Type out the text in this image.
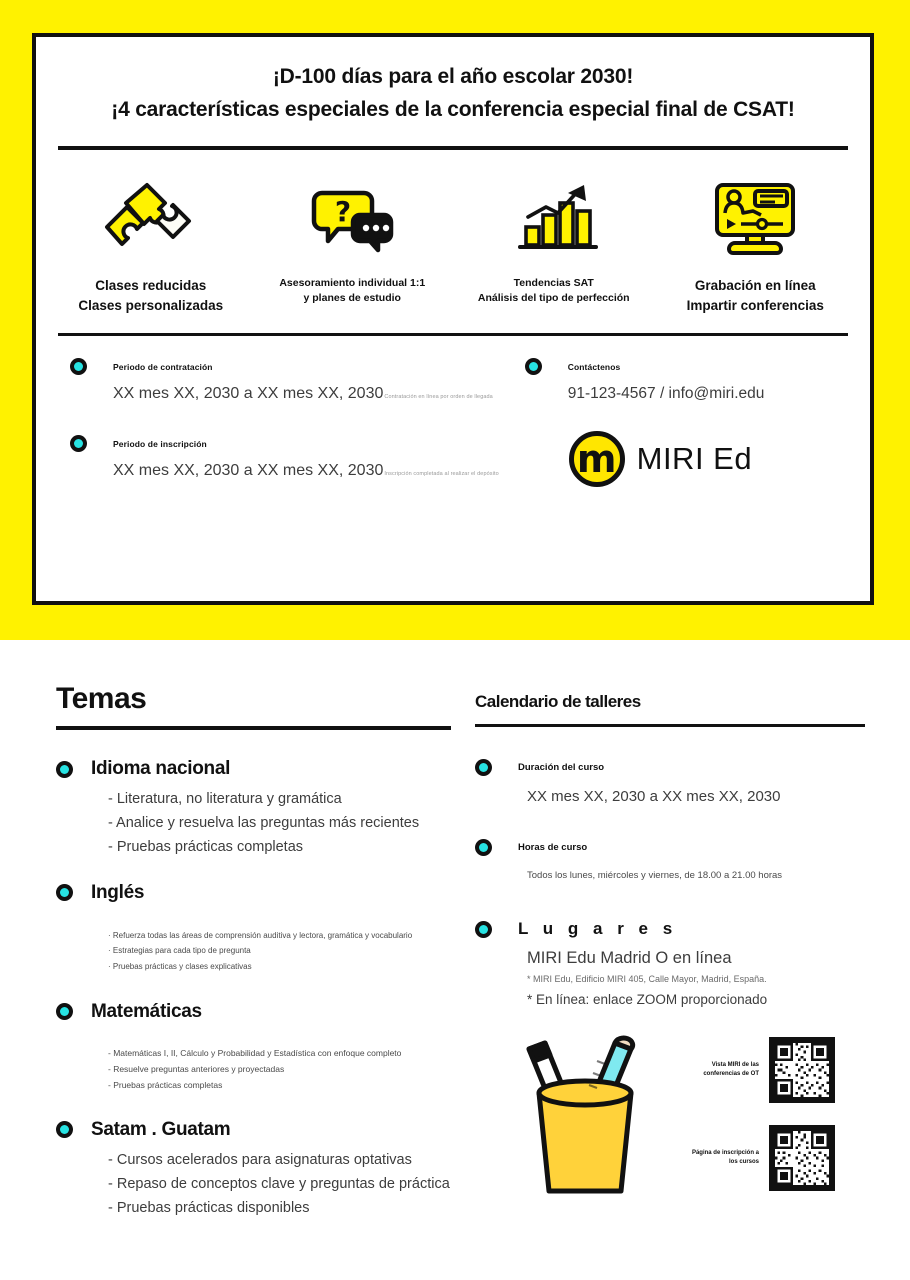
¡D-100 días para el año escolar 2030!
¡4 características especiales de la conferencia especial final de CSAT!
Clases reducidas
Clases personalizadas
?
Asesoramiento individual 1:1
y planes de estudio
Tendencias SAT
Análisis del tipo de perfección
Grabación en línea
Impartir conferencias
Periodo de contratación
XX mes XX, 2030 a XX mes XX, 2030Contratación en línea por orden de llegada
Periodo de inscripción
XX mes XX, 2030 a XX mes XX, 2030Inscripción completada al realizar el depósito
Contáctenos
91-123-4567 / info@miri.edu
m MIRI Ed
Temas
Idioma nacional
- Literatura, no literatura y gramática
- Analice y resuelva las preguntas más recientes
- Pruebas prácticas completas
Inglés
· Refuerza todas las áreas de comprensión auditiva y lectora, gramática y vocabulario
· Estrategias para cada tipo de pregunta
· Pruebas prácticas y clases explicativas
Matemáticas
- Matemáticas I, II, Cálculo y Probabilidad y Estadística con enfoque completo
- Resuelve preguntas anteriores y proyectadas
- Pruebas prácticas completas
Satam . Guatam
- Cursos acelerados para asignaturas optativas
- Repaso de conceptos clave y preguntas de práctica
- Pruebas prácticas disponibles
Calendario de talleres
Duración del curso
XX mes XX, 2030 a XX mes XX, 2030
Horas de curso
Todos los lunes, miércoles y viernes, de 18.00 a 21.00 horas
L u g a r e s
MIRI Edu Madrid O en línea
* MIRI Edu, Edificio MIRI 405, Calle Mayor, Madrid, España.
* En línea: enlace ZOOM proporcionado
Vista MIRI de las conferencias de OT
Página de inscripción a los cursos
